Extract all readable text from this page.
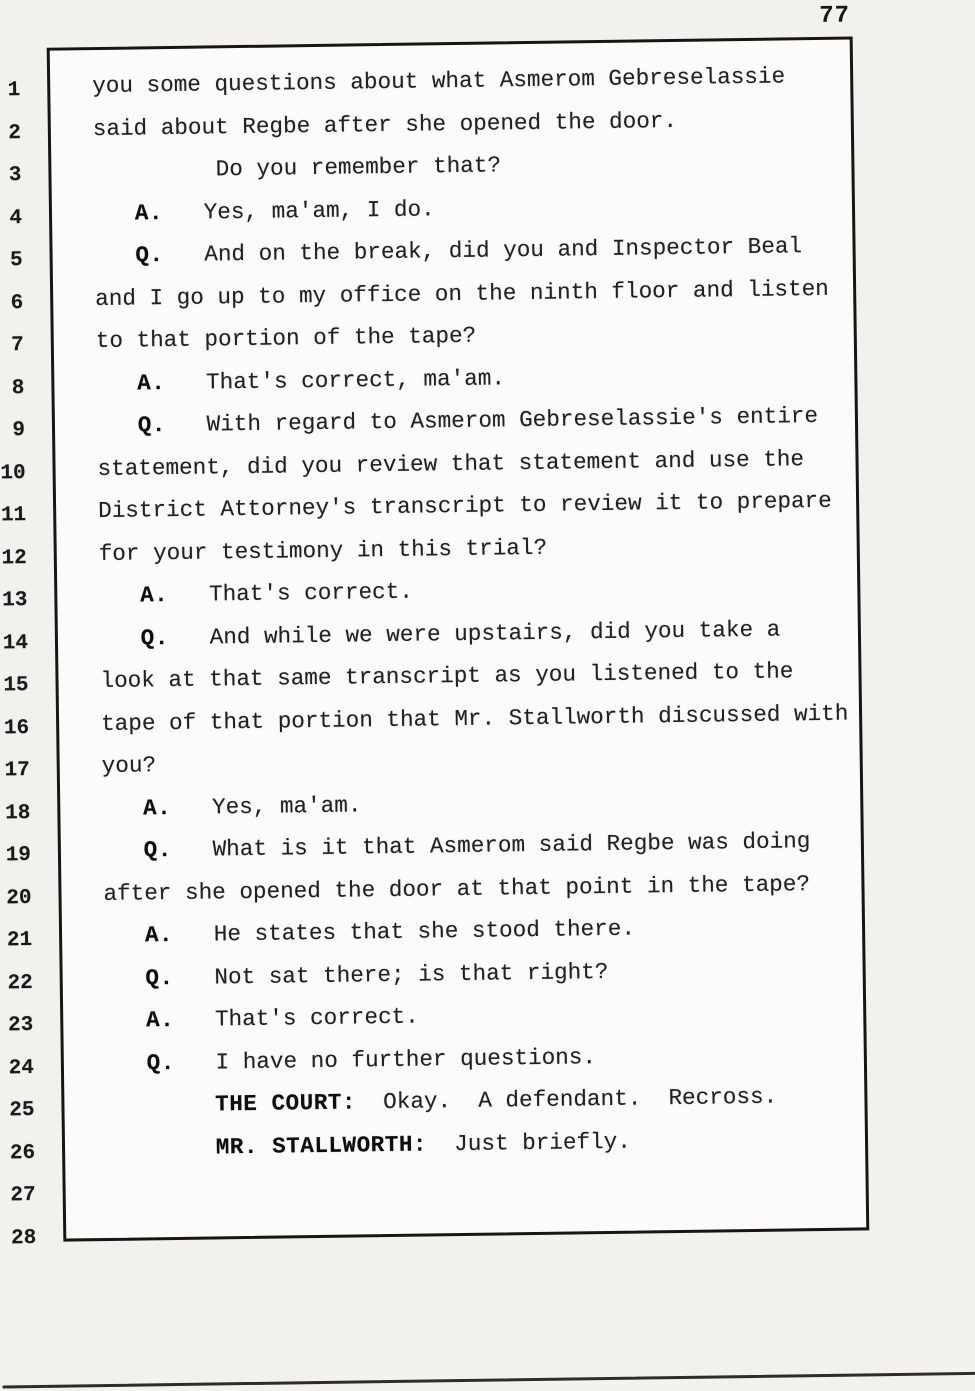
77
1
2
3
4
5
6
7
8
9
10
11
12
13
14
15
16
17
18
19
20
21
22
23
24
25
26
27
28
you some questions about what Asmerom Gebreselassie
said about Regbe after she opened the door.
Do you remember that?
A.   Yes, ma'am, I do.
Q.   And on the break, did you and Inspector Beal
and I go up to my office on the ninth floor and listen
to that portion of the tape?
A.   That's correct, ma'am.
Q.   With regard to Asmerom Gebreselassie's entire
statement, did you review that statement and use the
District Attorney's transcript to review it to prepare
for your testimony in this trial?
A.   That's correct.
Q.   And while we were upstairs, did you take a
look at that same transcript as you listened to the
tape of that portion that Mr. Stallworth discussed with
you?
A.   Yes, ma'am.
Q.   What is it that Asmerom said Regbe was doing
after she opened the door at that point in the tape?
A.   He states that she stood there.
Q.   Not sat there; is that right?
A.   That's correct.
Q.   I have no further questions.
THE COURT:  Okay.  A defendant.  Recross.
MR. STALLWORTH:  Just briefly.
